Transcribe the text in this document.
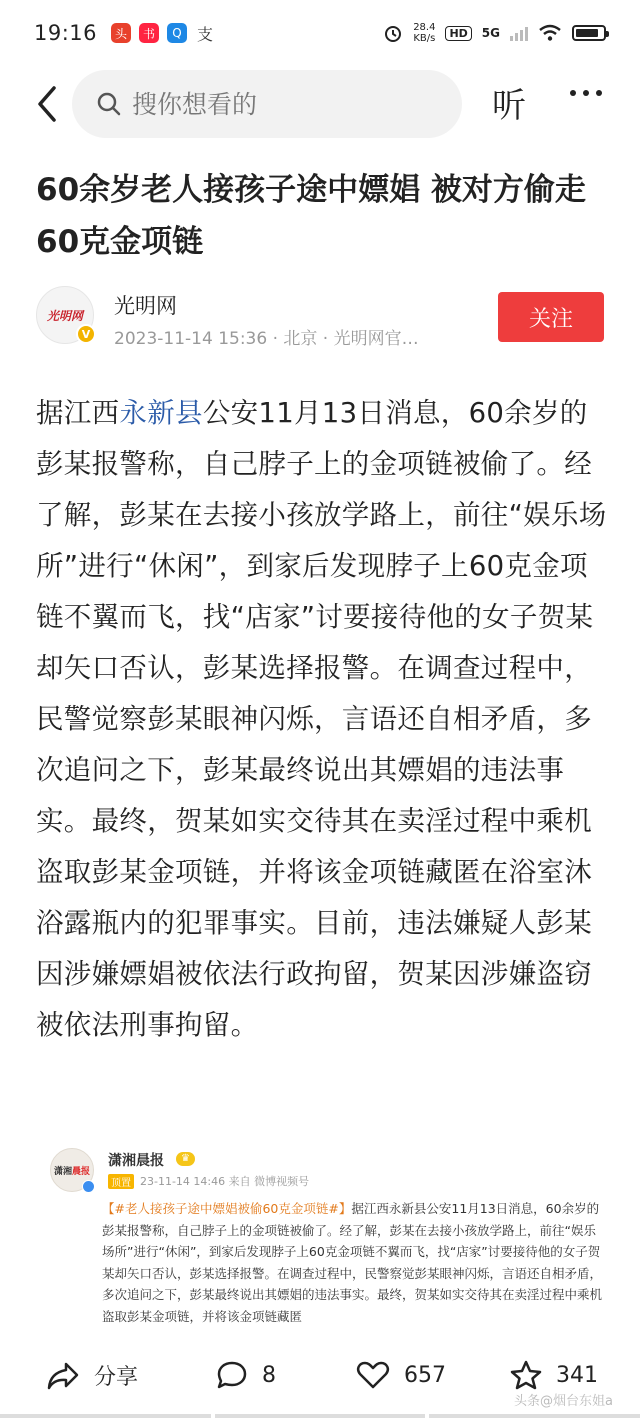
19:16	头	书	Q 支	28.4
KB/s	HD	5G
搜你想看的
听
60余岁老人接孩子途中嫖娼 被对方偷走60克金项链
光明网
V
光明网
2023-11-14 15:36 · 北京 · 光明网官…
关注

据江西永新县公安11月13日消息，60余岁的彭某报警称，自己脖子上的金项链被偷了。经了解，彭某在去接小孩放学路上，前往“娱乐场所”进行“休闲”，到家后发现脖子上60克金项链不翼而飞，找“店家”讨要接待他的女子贺某却矢口否认，彭某选择报警。在调查过程中，民警觉察彭某眼神闪烁，言语还自相矛盾，多次追问之下，彭某最终说出其嫖娼的违法事实。最终，贺某如实交待其在卖淫过程中乘机盗取彭某金项链，并将该金项链藏匿在浴室沐浴露瓶内的犯罪事实。目前，违法嫌疑人彭某因涉嫌嫖娼被依法行政拘留，贺某因涉嫌盗窃被依法刑事拘留。

潇湘 晨报
潇湘晨报	♛
顶置 23-11-14 14:46 来自 微博视频号

【#老人接孩子途中嫖娼被偷60克金项链#】据江西永新县公安11月13日消息，60余岁的彭某报警称，自己脖子上的金项链被偷了。经了解，彭某在去接小孩放学路上，前往“娱乐场所”进行“休闲”，到家后发现脖子上60克金项链不翼而飞，找“店家”讨要接待他的女子贺某却矢口否认，彭某选择报警。在调查过程中，民警察觉彭某眼神闪烁，言语还自相矛盾，多次追问之下，彭某最终说出其嫖娼的违法事实。最终，贺某如实交待其在卖淫过程中乘机盗取彭某金项链，并将该金项链藏匿

分享	8	657	341
头条@烟台东姐a
